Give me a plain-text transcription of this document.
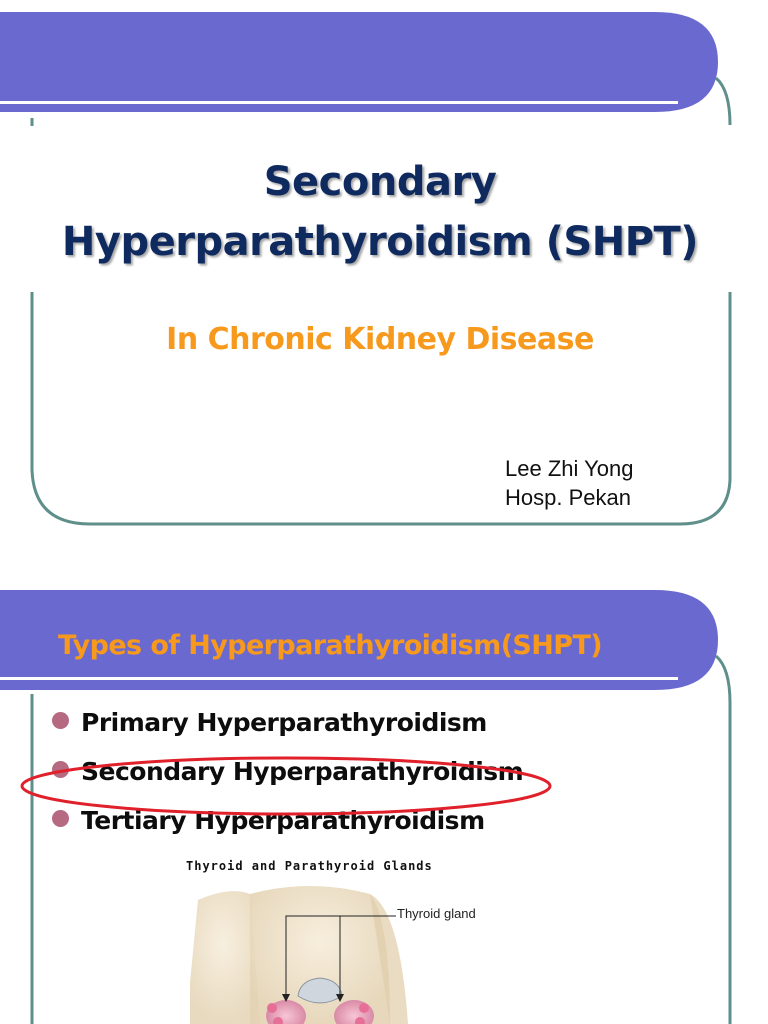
Secondary
Hyperparathyroidism (SHPT)
In Chronic Kidney Disease
Lee Zhi Yong
Hosp. Pekan
Types of Hyperparathyroidism(SHPT)
Primary Hyperparathyroidism
Secondary Hyperparathyroidism
Tertiary Hyperparathyroidism
Thyroid and Parathyroid Glands
Thyroid gland
